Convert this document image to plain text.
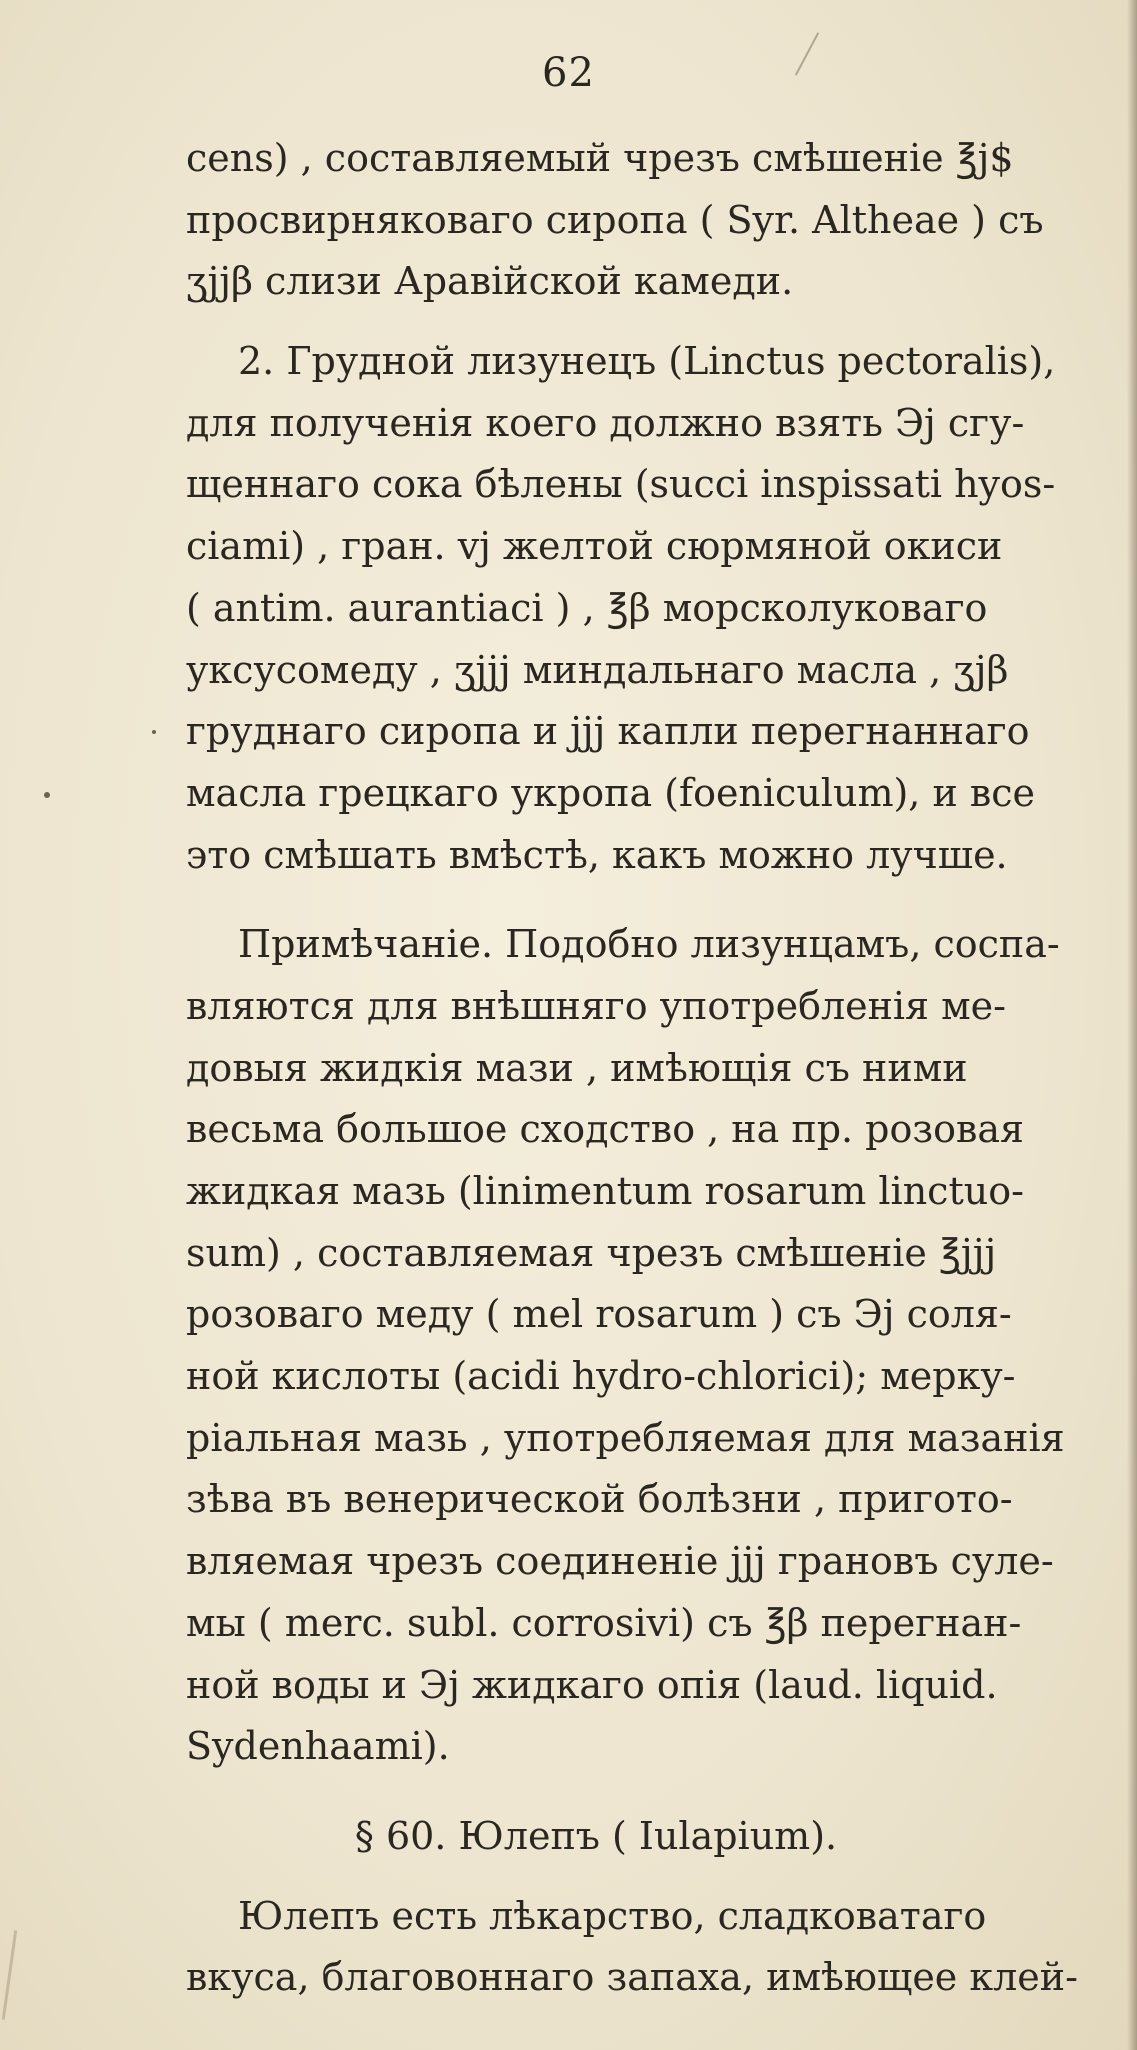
62
cens) , составляемый чрезъ смѣшенiе ℥j$
просвирняковаго сиропа ( Syr. Altheae ) съ
ʒjjβ слизи Аравiйской камеди.
2. Грудной лизунецъ (Linctus pectoralis),
для полученiя коего должно взять Эj сгу-
щеннаго сока бѣлены (succi inspissati hyos-
ciami) , гран. vj желтой сюрмяной окиси
( antim. aurantiaci ) , ℥β морсколуковаго
уксусомеду , ʒjjj миндальнаго масла , ʒjβ
груднаго сиропа и jjj капли перегнаннаго
масла грецкаго укропа (foeniculum), и все
это смѣшать вмѣстѣ, какъ можно лучше.
Примѣчанiе. Подобно лизунцамъ, соспа-
вляются для внѣшняго употребленiя ме-
довыя жидкiя мази , имѣющiя съ ними
весьма большое сходство , на пр. розовая
жидкая мазь (linimentum rosarum linctuo-
sum) , составляемая чрезъ смѣшенiе ℥jjj
розоваго меду ( mel rosarum ) съ Эj соля-
ной кислоты (acidi hydro-chlorici); мерку-
рiальная мазь , употребляемая для мазанiя
зѣва въ венерической болѣзни , пригото-
вляемая чрезъ соединенiе jjj грановъ суле-
мы ( merc. subl. corrosivi) съ ℥β перегнан-
ной воды и Эj жидкаго опiя (laud. liquid.
Sydenhaami).
§ 60. Юлепъ ( Iulapium).
Юлепъ есть лѣкарство, сладковатаго
вкуса, благовоннаго запаха, имѣющее клей-
